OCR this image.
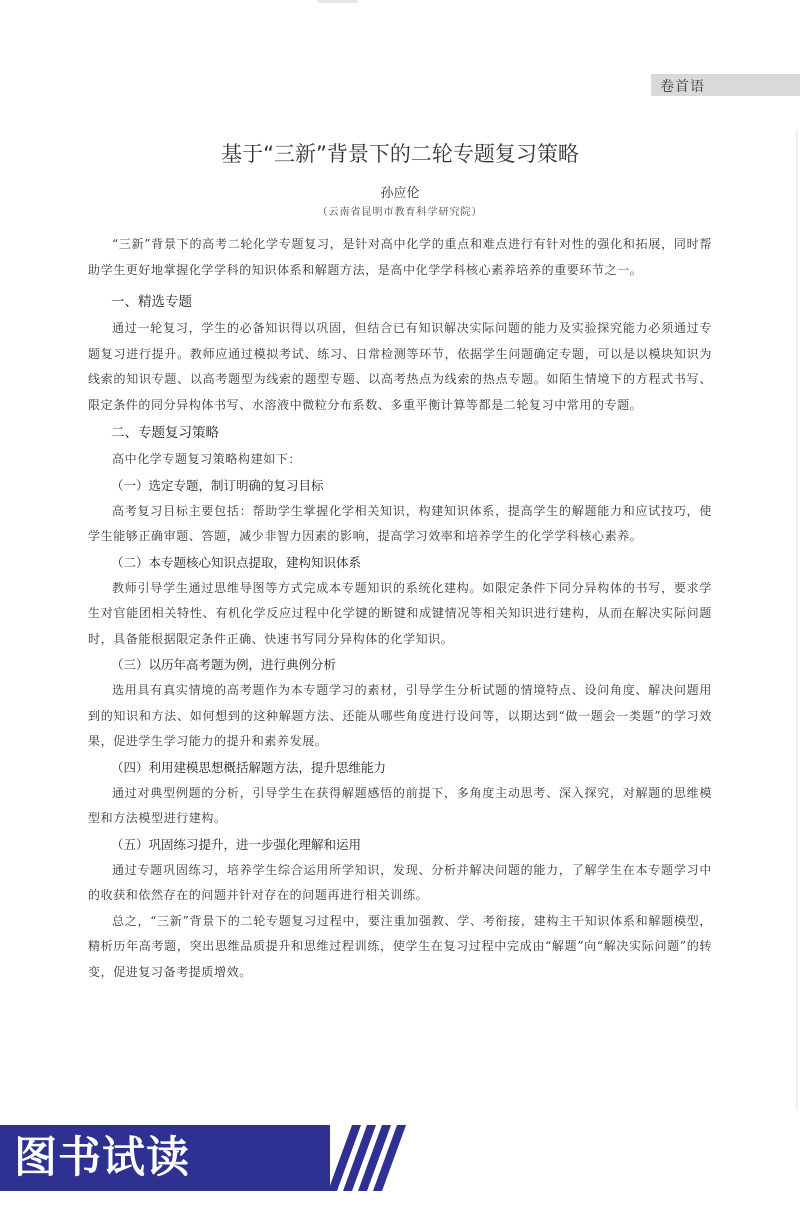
卷首语
基于“三新”背景下的二轮专题复习策略
孙应伦
（云南省昆明市教育科学研究院）

“三新”背景下的高考二轮化学专题复习，是针对高中化学的重点和难点进行有针对性的强化和拓展，同时帮助学生更好地掌握化学学科的知识体系和解题方法，是高中化学学科核心素养培养的重要环节之一。

一、精选专题

通过一轮复习，学生的必备知识得以巩固，但结合已有知识解决实际问题的能力及实验探究能力必须通过专题复习进行提升。教师应通过模拟考试、练习、日常检测等环节，依据学生问题确定专题，可以是以模块知识为线索的知识专题、以高考题型为线索的题型专题、以高考热点为线索的热点专题。如陌生情境下的方程式书写、限定条件的同分异构体书写、水溶液中微粒分布系数、多重平衡计算等都是二轮复习中常用的专题。

二、专题复习策略

高中化学专题复习策略构建如下：

（一）选定专题，制订明确的复习目标

高考复习目标主要包括：帮助学生掌握化学相关知识，构建知识体系，提高学生的解题能力和应试技巧，使学生能够正确审题、答题，减少非智力因素的影响，提高学习效率和培养学生的化学学科核心素养。

（二）本专题核心知识点提取，建构知识体系

教师引导学生通过思维导图等方式完成本专题知识的系统化建构。如限定条件下同分异构体的书写，要求学生对官能团相关特性、有机化学反应过程中化学键的断键和成键情况等相关知识进行建构，从而在解决实际问题时，具备能根据限定条件正确、快速书写同分异构体的化学知识。

（三）以历年高考题为例，进行典例分析

选用具有真实情境的高考题作为本专题学习的素材，引导学生分析试题的情境特点、设问角度、解决问题用到的知识和方法、如何想到的这种解题方法、还能从哪些角度进行设问等，以期达到“做一题会一类题”的学习效果，促进学生学习能力的提升和素养发展。

（四）利用建模思想概括解题方法，提升思维能力

通过对典型例题的分析，引导学生在获得解题感悟的前提下，多角度主动思考、深入探究，对解题的思维模型和方法模型进行建构。

（五）巩固练习提升，进一步强化理解和运用

通过专题巩固练习，培养学生综合运用所学知识，发现、分析并解决问题的能力，了解学生在本专题学习中的收获和依然存在的问题并针对存在的问题再进行相关训练。

总之，“三新”背景下的二轮专题复习过程中，要注重加强教、学、考衔接，建构主干知识体系和解题模型，精析历年高考题，突出思维品质提升和思维过程训练，使学生在复习过程中完成由“解题”向“解决实际问题”的转变，促进复习备考提质增效。

图书试读
